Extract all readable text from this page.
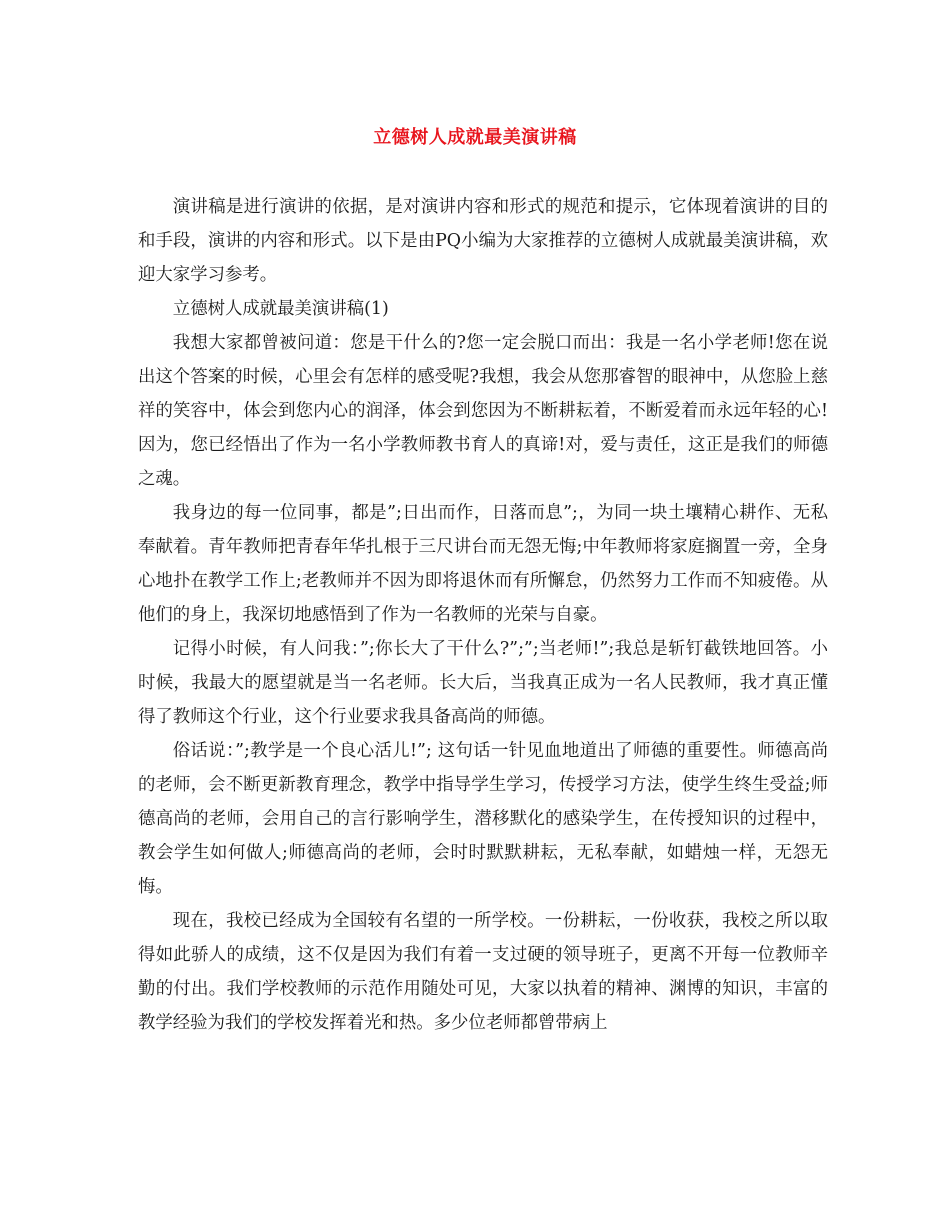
立德树人成就最美演讲稿

演讲稿是进行演讲的依据，是对演讲内容和形式的规范和提示，它体现着演讲的目的和手段，演讲的内容和形式。以下是由PQ小编为大家推荐的立德树人成就最美演讲稿，欢迎大家学习参考。

立德树人成就最美演讲稿(1)

我想大家都曾被问道：您是干什么的?您一定会脱口而出：我是一名小学老师!您在说出这个答案的时候，心里会有怎样的感受呢?我想，我会从您那睿智的眼神中，从您脸上慈祥的笑容中，体会到您内心的润泽，体会到您因为不断耕耘着，不断爱着而永远年轻的心!因为，您已经悟出了作为一名小学教师教书育人的真谛!对，爱与责任，这正是我们的师德之魂。

我身边的每一位同事，都是”;日出而作，日落而息”;，为同一块土壤精心耕作、无私奉献着。青年教师把青春年华扎根于三尺讲台而无怨无悔;中年教师将家庭搁置一旁，全身心地扑在教学工作上;老教师并不因为即将退休而有所懈怠，仍然努力工作而不知疲倦。从他们的身上，我深切地感悟到了作为一名教师的光荣与自豪。

记得小时候，有人问我：”;你长大了干什么?”;”;当老师!”;我总是斩钉截铁地回答。小时候，我最大的愿望就是当一名老师。长大后，当我真正成为一名人民教师，我才真正懂得了教师这个行业，这个行业要求我具备高尚的师德。

俗话说：”;教学是一个良心活儿!”; 这句话一针见血地道出了师德的重要性。师德高尚的老师，会不断更新教育理念，教学中指导学生学习，传授学习方法，使学生终生受益;师德高尚的老师，会用自己的言行影响学生，潜移默化的感染学生，在传授知识的过程中，教会学生如何做人;师德高尚的老师，会时时默默耕耘，无私奉献，如蜡烛一样，无怨无悔。

现在，我校已经成为全国较有名望的一所学校。一份耕耘，一份收获，我校之所以取得如此骄人的成绩，这不仅是因为我们有着一支过硬的领导班子，更离不开每一位教师辛勤的付出。我们学校教师的示范作用随处可见，大家以执着的精神、渊博的知识，丰富的教学经验为我们的学校发挥着光和热。多少位老师都曾带病上
